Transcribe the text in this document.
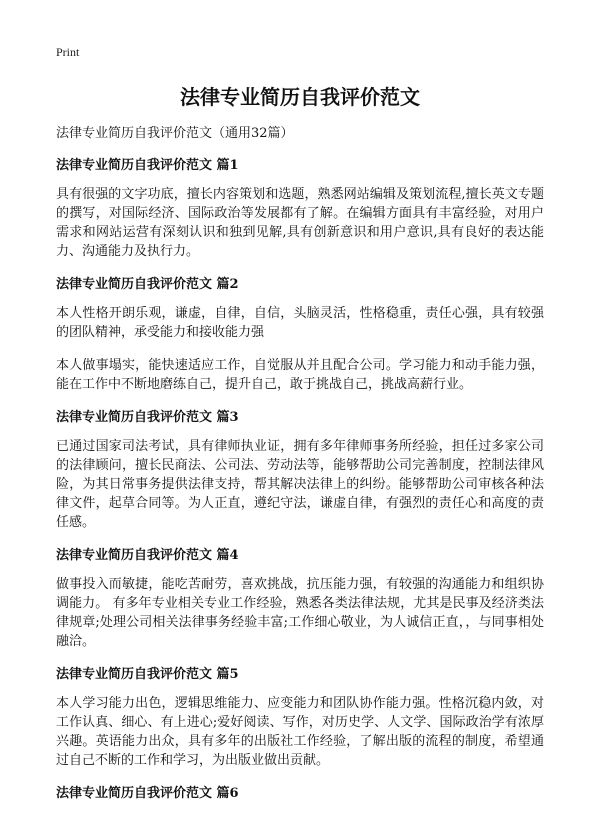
Print
法律专业简历自我评价范文

法律专业简历自我评价范文（通用32篇）

法律专业简历自我评价范文 篇1

具有很强的文字功底，擅长内容策划和选题，熟悉网站编辑及策划流程,擅长英文专题的撰写，对国际经济、国际政治等发展都有了解。在编辑方面具有丰富经验，对用户需求和网站运营有深刻认识和独到见解,具有创新意识和用户意识,具有良好的表达能力、沟通能力及执行力。

法律专业简历自我评价范文 篇2

本人性格开朗乐观，谦虚，自律，自信，头脑灵活，性格稳重，责任心强，具有较强的团队精神，承受能力和接收能力强

本人做事塌实，能快速适应工作，自觉服从并且配合公司。学习能力和动手能力强，能在工作中不断地磨练自己，提升自己，敢于挑战自己，挑战高薪行业。

法律专业简历自我评价范文 篇3

已通过国家司法考试，具有律师执业证，拥有多年律师事务所经验，担任过多家公司的法律顾问，擅长民商法、公司法、劳动法等，能够帮助公司完善制度，控制法律风险，为其日常事务提供法律支持，帮其解决法律上的纠纷。能够帮助公司审核各种法律文件，起草合同等。为人正直，遵纪守法，谦虚自律，有强烈的责任心和高度的责任感。

法律专业简历自我评价范文 篇4

做事投入而敏捷，能吃苦耐劳，喜欢挑战，抗压能力强，有较强的沟通能力和组织协调能力。 有多年专业相关专业工作经验，熟悉各类法律法规，尤其是民事及经济类法律规章;处理公司相关法律事务经验丰富;工作细心敬业，为人诚信正直，，与同事相处融洽。

法律专业简历自我评价范文 篇5

本人学习能力出色，逻辑思维能力、应变能力和团队协作能力强。性格沉稳内敛，对工作认真、细心、有上进心;爱好阅读、写作，对历史学、人文学、国际政治学有浓厚兴趣。英语能力出众，具有多年的出版社工作经验，了解出版的流程的制度，希望通过自己不断的工作和学习，为出版业做出贡献。

法律专业简历自我评价范文 篇6
